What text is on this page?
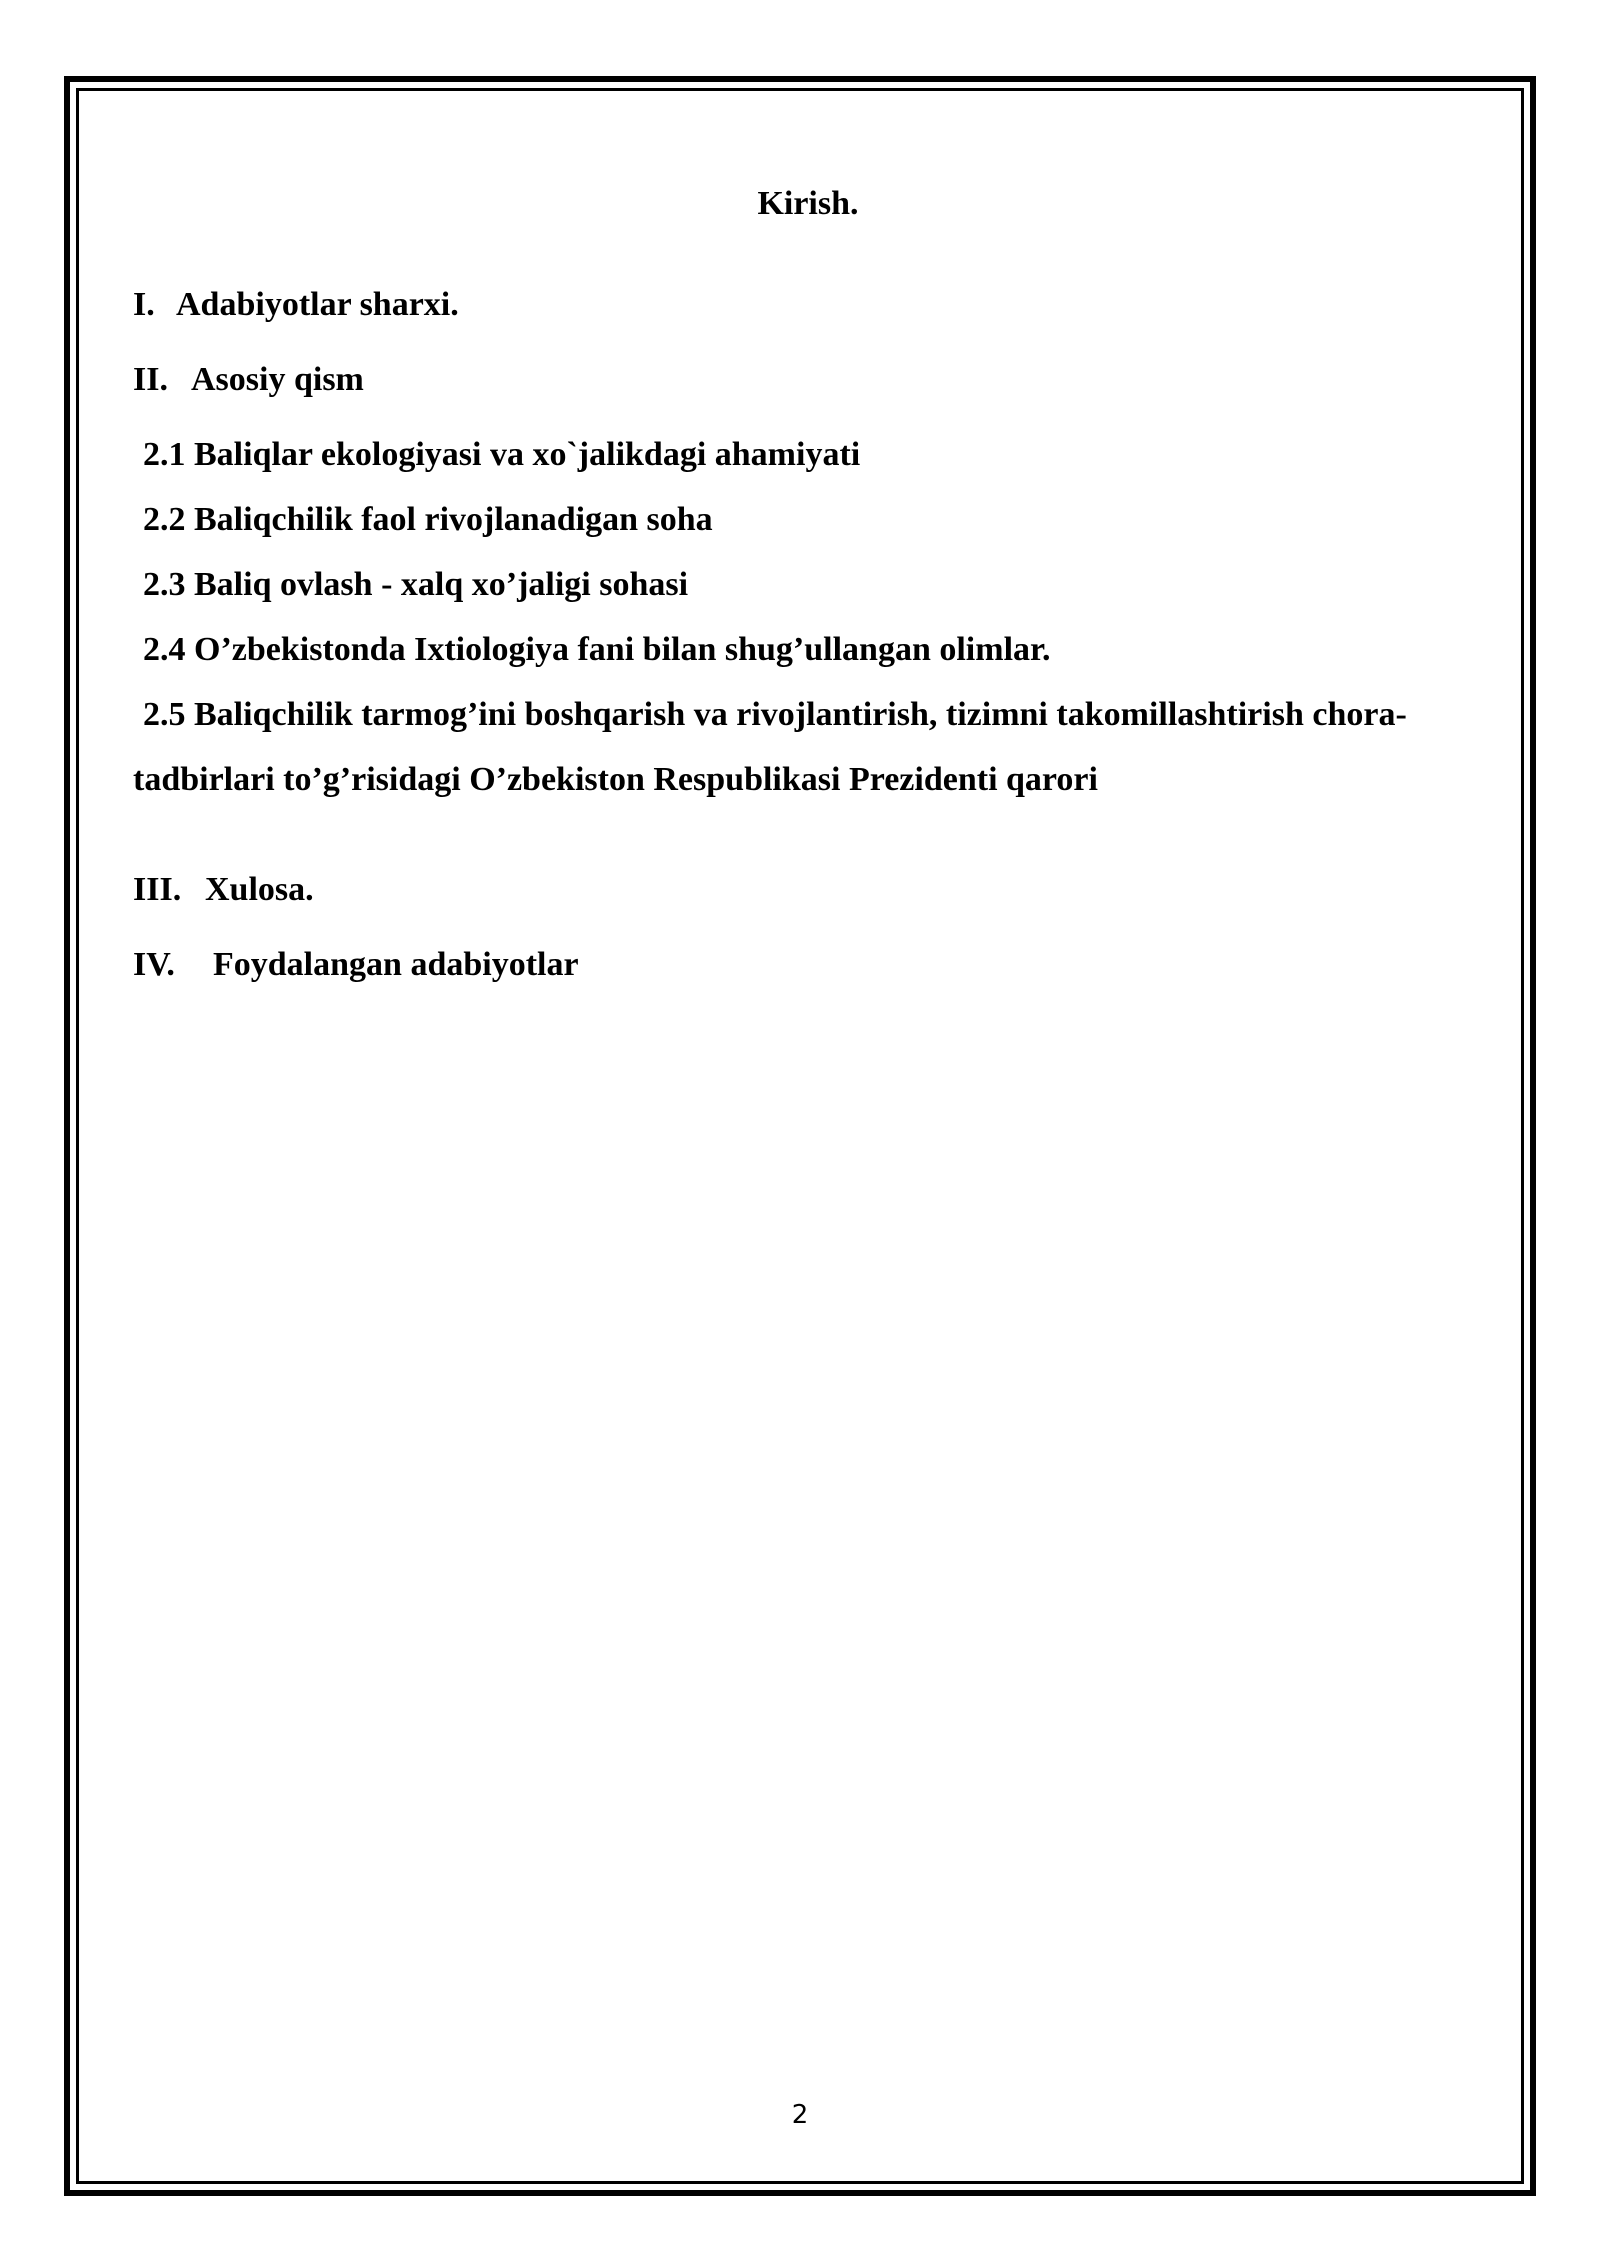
Kirish.
I. Adabiyotlar sharxi.
II. Asosiy qism
2.1 Baliqlar ekologiyasi va xo`jalikdagi ahamiyati
2.2 Baliqchilik faol rivojlanadigan soha
2.3 Baliq ovlash - xalq xo’jaligi sohasi
2.4 O’zbekistonda Ixtiologiya fani bilan shug’ullangan olimlar.
2.5 Baliqchilik tarmog’ini boshqarish va rivojlantirish, tizimni takomillashtirish chora-tadbirlari to’g’risidagi O’zbekiston Respublikasi Prezidenti qarori
III. Xulosa.
IV. Foydalangan adabiyotlar
2
